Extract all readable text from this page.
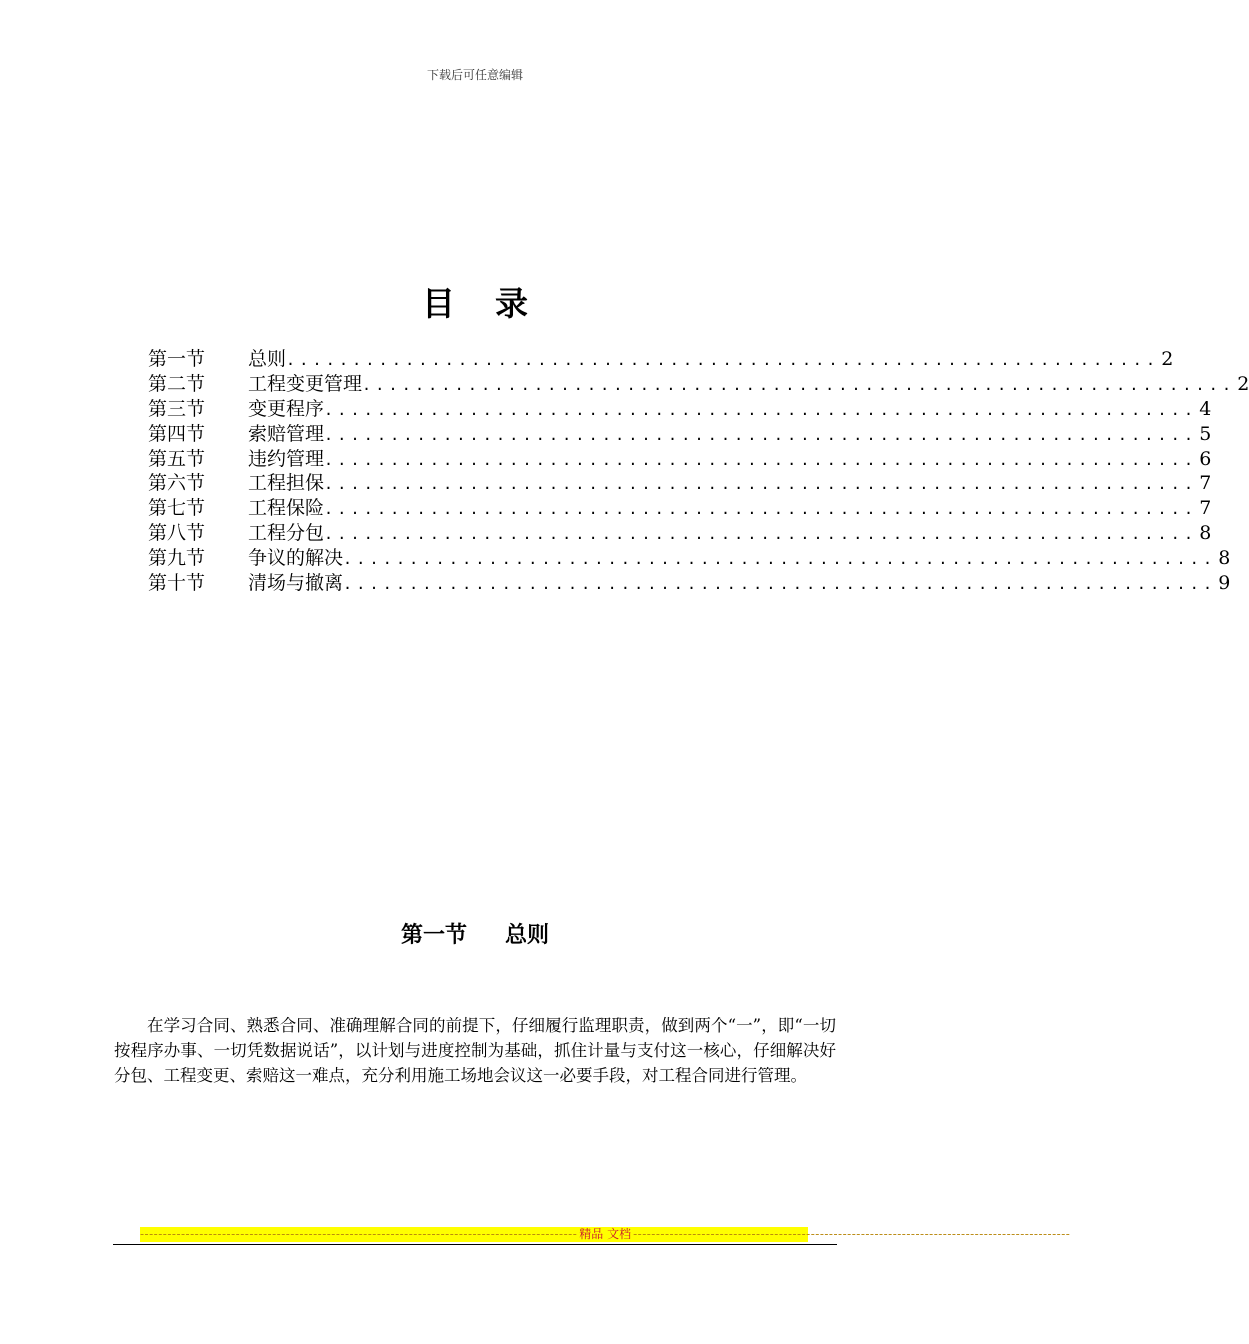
下载后可任意编辑
目 录
第一节	总则 .................................................................. 2
第二节	工程变更管理 .................................................................. 2
第三节	变更程序 .................................................................. 4
第四节	索赔管理 .................................................................. 5
第五节	违约管理 .................................................................. 6
第六节	工程担保 .................................................................. 7
第七节	工程保险 .................................................................. 7
第八节	工程分包 .................................................................. 8
第九节	争议的解决 .................................................................. 8
第十节	清场与撤离 .................................................................. 9
第一节 总则

在学习合同、熟悉合同、准确理解合同的前提下，仔细履行监理职责，做到两个“一”，即“一切按程序办事、一切凭数据说话”，以计划与进度控制为基础，抓住计量与支付这一核心，仔细解决好分包、工程变更、索赔这一难点，充分利用施工场地会议这一必要手段，对工程合同进行管理。

------------------------------------------------------------------------------------------------ 精品 文档 ------------------------------------------------------------------------------------------------
